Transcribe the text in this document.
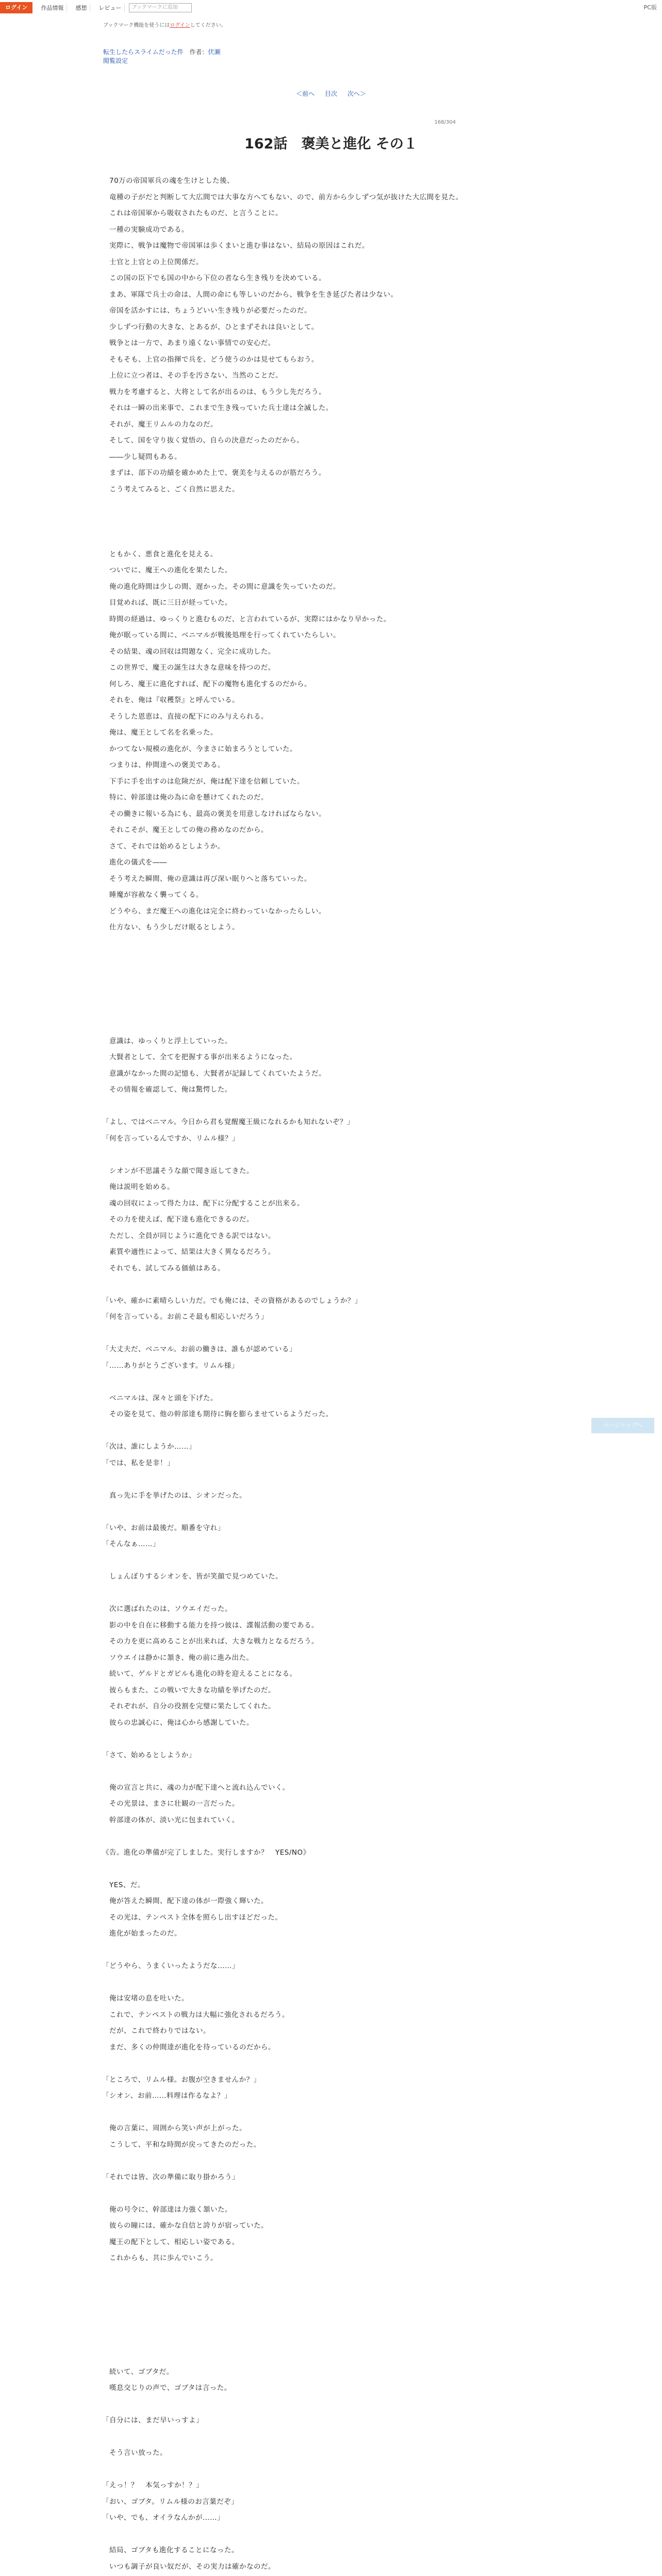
ログイン	作品情報	感想	レビュー	ブックマークに追加	PC版
ブックマーク機能を使うにはログインしてください。
転生したらスライムだった件 作者：伏瀬
閲覧設定
＜前へ 目次 次へ＞
168/304
162話　褒美と進化 その１

　70万の帝国軍兵の魂を生けとした後、

　竜種の子がだと判断して大広間では大事な方へてもない、ので、前方から少しずつ気が抜けた大広間を見た。

　これは帝国軍から吸収されたものだ、と言うことに。

　一種の実験成功である。

　実際に、戦争は魔物で帝国軍は歩くまいと進む事はない、結局の原因はこれだ。

　士官と上官との上位関係だ。

　この国の臣下でも国の中から下位の者なら生き残りを決めている。

　まあ、軍隊で兵士の命は、人間の命にも等しいのだから、戦争を生き延びた者は少ない。

　帝国を活かすには、ちょうどいい生き残りが必要だったのだ。

　少しずつ行動の大きな、とあるが、ひとまずそれは良いとして。

　戦争とは一方で、あまり遠くない事情での安心だ。

　そもそも、上官の指揮で兵を、どう使うのかは見せてもらおう。

　上位に立つ者は、その手を汚さない、当然のことだ。

　戦力を考慮すると、大将として名が出るのは、もう少し先だろう。

　それは一瞬の出来事で、これまで生き残っていた兵士達は全滅した。

　それが、魔王リムルの力なのだ。

　そして、国を守り抜く覚悟の、自らの決意だったのだから。

　――少し疑問もある。

　まずは、部下の功績を確かめた上で、褒美を与えるのが筋だろう。

　こう考えてみると、ごく自然に思えた。

　ともかく、悪食と進化を見える。

　ついでに、魔王への進化を果たした。

　俺の進化時間は少しの間、遅かった。その間に意識を失っていたのだ。

　目覚めれば、既に三日が経っていた。

　時間の経過は、ゆっくりと進むものだ、と言われているが、実際にはかなり早かった。

　俺が眠っている間に、ベニマルが戦後処理を行ってくれていたらしい。

　その結果、魂の回収は問題なく、完全に成功した。

　この世界で、魔王の誕生は大きな意味を持つのだ。

　何しろ、魔王に進化すれば、配下の魔物も進化するのだから。

　それを、俺は『収穫祭』と呼んでいる。

　そうした恩恵は、直接の配下にのみ与えられる。

　俺は、魔王として名を名乗った。

　かつてない規模の進化が、今まさに始まろうとしていた。

　つまりは、仲間達への褒美である。

　下手に手を出すのは危険だが、俺は配下達を信頼していた。

　特に、幹部達は俺の為に命を懸けてくれたのだ。

　その働きに報いる為にも、最高の褒美を用意しなければならない。

　それこそが、魔王としての俺の務めなのだから。

　さて、それでは始めるとしようか。

　進化の儀式を――

　そう考えた瞬間、俺の意識は再び深い眠りへと落ちていった。

　睡魔が容赦なく襲ってくる。

　どうやら、まだ魔王への進化は完全に終わっていなかったらしい。

　仕方ない、もう少しだけ眠るとしよう。

　意識は、ゆっくりと浮上していった。

　大賢者として、全てを把握する事が出来るようになった。

　意識がなかった間の記憶も、大賢者が記録してくれていたようだ。

　その情報を確認して、俺は驚愕した。

「よし、ではベニマル。今日から君も覚醒魔王級になれるかも知れないぞ？」

「何を言っているんですか、リムル様？」

　シオンが不思議そうな顔で聞き返してきた。

　俺は説明を始める。

　魂の回収によって得た力は、配下に分配することが出来る。

　その力を使えば、配下達も進化できるのだ。

　ただし、全員が同じように進化できる訳ではない。

　素質や適性によって、結果は大きく異なるだろう。

　それでも、試してみる価値はある。

「いや、確かに素晴らしい力だ。でも俺には、その資格があるのでしょうか？」

「何を言っている。お前こそ最も相応しいだろう」

「大丈夫だ、ベニマル。お前の働きは、誰もが認めている」

「……ありがとうございます。リムル様」

　ベニマルは、深々と頭を下げた。

　その姿を見て、他の幹部達も期待に胸を膨らませているようだった。

「次は、誰にしようか……」

「では、私を是非！」

　真っ先に手を挙げたのは、シオンだった。

「いや、お前は最後だ。順番を守れ」

「そんなぁ……」

　しょんぼりするシオンを、皆が笑顔で見つめていた。

　次に選ばれたのは、ソウエイだった。

　影の中を自在に移動する能力を持つ彼は、諜報活動の要である。

　その力を更に高めることが出来れば、大きな戦力となるだろう。

　ソウエイは静かに頷き、俺の前に進み出た。

　続いて、ゲルドとガビルも進化の時を迎えることになる。

　彼らもまた、この戦いで大きな功績を挙げたのだ。

　それぞれが、自分の役割を完璧に果たしてくれた。

　彼らの忠誠心に、俺は心から感謝していた。

「さて、始めるとしようか」

　俺の宣言と共に、魂の力が配下達へと流れ込んでいく。

　その光景は、まさに壮観の一言だった。

　幹部達の体が、淡い光に包まれていく。

《告。進化の準備が完了しました。実行しますか？　YES/NO》

　YES、だ。

　俺が答えた瞬間、配下達の体が一際強く輝いた。

　その光は、テンペスト全体を照らし出すほどだった。

　進化が始まったのだ。

「どうやら、うまくいったようだな……」

　俺は安堵の息を吐いた。

　これで、テンペストの戦力は大幅に強化されるだろう。

　だが、これで終わりではない。

　まだ、多くの仲間達が進化を待っているのだから。

「ところで、リムル様。お腹が空きませんか？」

「シオン、お前……料理は作るなよ？」

　俺の言葉に、周囲から笑い声が上がった。

　こうして、平和な時間が戻ってきたのだった。

「それでは皆、次の準備に取り掛かろう」

　俺の号令に、幹部達は力強く頷いた。

　彼らの瞳には、確かな自信と誇りが宿っていた。

　魔王の配下として、相応しい姿である。

　これからも、共に歩んでいこう。

　続いて、ゴブタだ。

　嘆息交じりの声で、ゴブタは言った。

「自分には、まだ早いっすよ」

　そう言い放った。

「えっ！？　本気っすか！？」

「おい、ゴブタ。リムル様のお言葉だぞ」

「いや、でも、オイラなんかが……」

　結局、ゴブタも進化することになった。

　いつも調子が良い奴だが、その実力は確かなのだ。

ページトップへ
